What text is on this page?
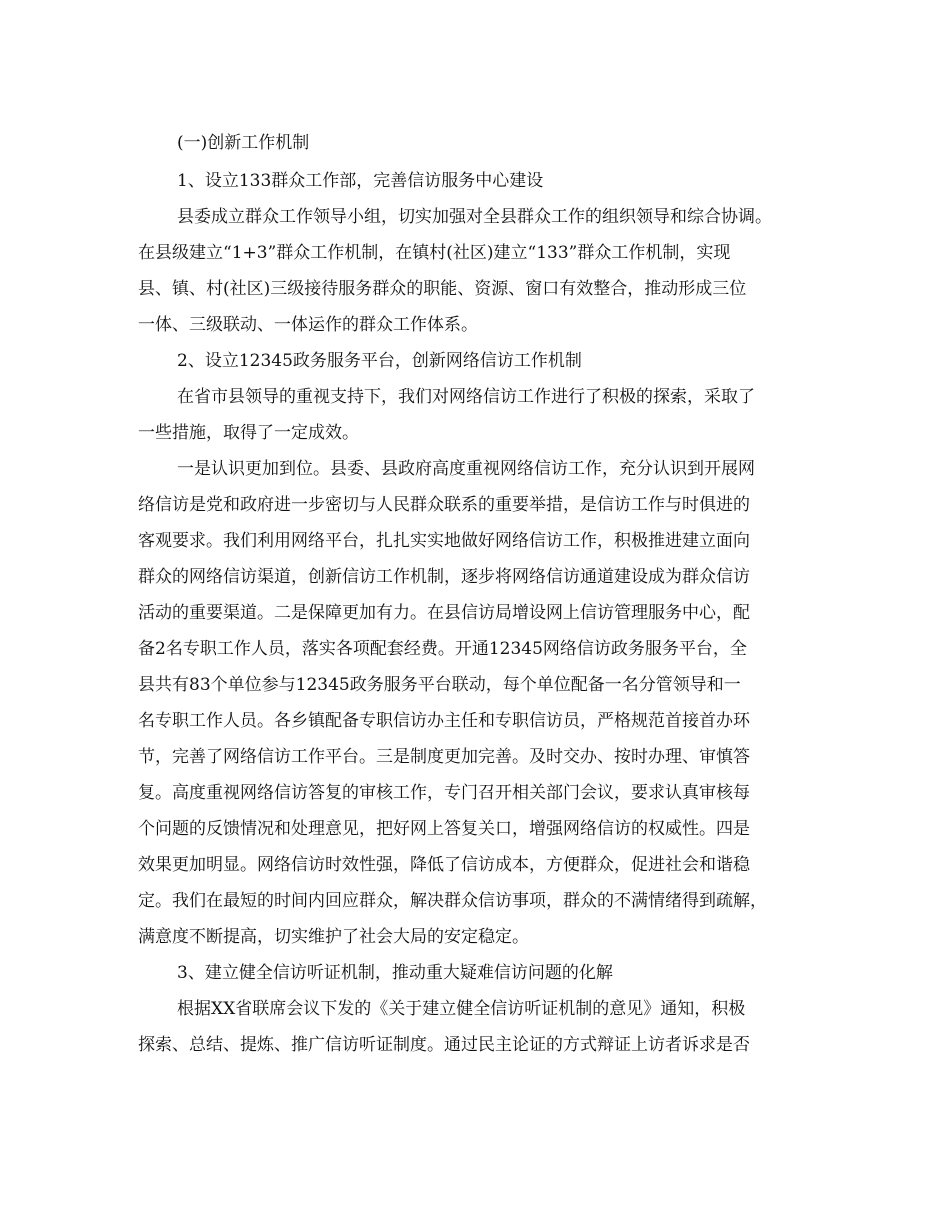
(一)创新工作机制
1、设立133群众工作部，完善信访服务中心建设
县委成立群众工作领导小组，切实加强对全县群众工作的组织领导和综合协调。
在县级建立“1+3”群众工作机制，在镇村(社区)建立“133”群众工作机制，实现
县、镇、村(社区)三级接待服务群众的职能、资源、窗口有效整合，推动形成三位
一体、三级联动、一体运作的群众工作体系。
2、设立12345政务服务平台，创新网络信访工作机制
在省市县领导的重视支持下，我们对网络信访工作进行了积极的探索，采取了
一些措施，取得了一定成效。
一是认识更加到位。县委、县政府高度重视网络信访工作，充分认识到开展网
络信访是党和政府进一步密切与人民群众联系的重要举措，是信访工作与时俱进的
客观要求。我们利用网络平台，扎扎实实地做好网络信访工作，积极推进建立面向
群众的网络信访渠道，创新信访工作机制，逐步将网络信访通道建设成为群众信访
活动的重要渠道。二是保障更加有力。在县信访局增设网上信访管理服务中心，配
备2名专职工作人员，落实各项配套经费。开通12345网络信访政务服务平台，全
县共有83个单位参与12345政务服务平台联动，每个单位配备一名分管领导和一
名专职工作人员。各乡镇配备专职信访办主任和专职信访员，严格规范首接首办环
节，完善了网络信访工作平台。三是制度更加完善。及时交办、按时办理、审慎答
复。高度重视网络信访答复的审核工作，专门召开相关部门会议，要求认真审核每
个问题的反馈情况和处理意见，把好网上答复关口，增强网络信访的权威性。四是
效果更加明显。网络信访时效性强，降低了信访成本，方便群众，促进社会和谐稳
定。我们在最短的时间内回应群众，解决群众信访事项，群众的不满情绪得到疏解，
满意度不断提高，切实维护了社会大局的安定稳定。
3、建立健全信访听证机制，推动重大疑难信访问题的化解
根据XX省联席会议下发的《关于建立健全信访听证机制的意见》通知，积极
探索、总结、提炼、推广信访听证制度。通过民主论证的方式辩证上访者诉求是否
